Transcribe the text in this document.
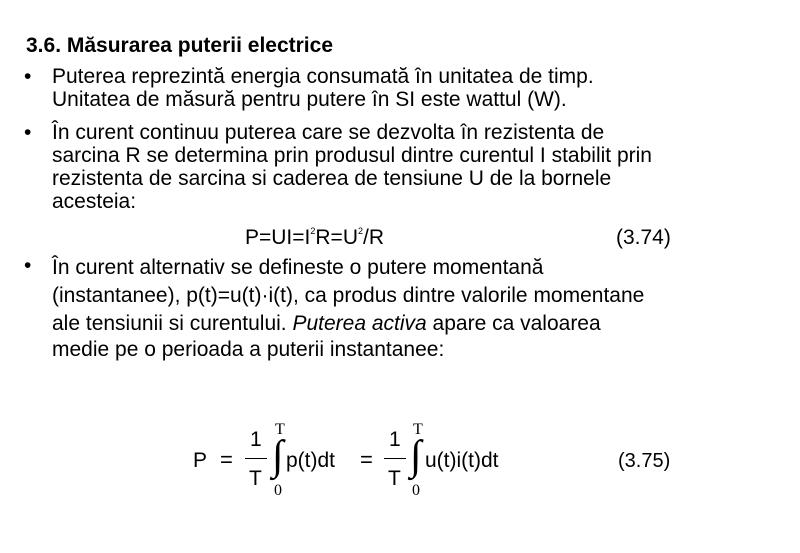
3.6. Măsurarea puterii electrice
• Puterea reprezintă energia consumată în unitatea de timp.
Unitatea de măsură pentru putere în SI este wattul (W).
• În curent continuu puterea care se dezvolta în rezistenta de
sarcina R se determina prin produsul dintre curentul I stabilit prin
rezistenta de sarcina si caderea de tensiune U de la bornele
acesteia:
$P=UI=I^2R=U^2/R$	(3.74)
• În curent alternativ se defineste o putere momentană
(instantanee), p(t)=u(t)·i(t), ca produs dintre valorile momentane
ale tensiunii si curentului. Puterea activa apare ca valoarea
medie pe o perioada a puterii instantanee:
P =
1
T
T
∫
0
p(t)dt =
1
T
T
∫
0
u(t)i(t)dt	(3.75)
